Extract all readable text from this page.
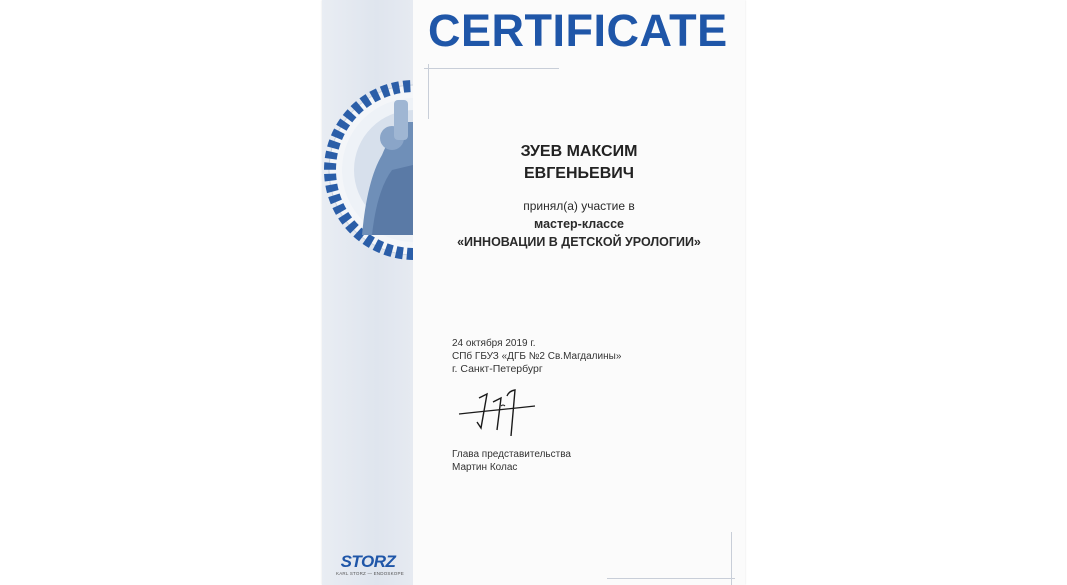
STORZ
KARL STORZ — ENDOSKOPE
CERTIFICATE
ЗУЕВ МАКСИМ
ЕВГЕНЬЕВИЧ
принял(а) участие в
мастер-классе
«ИННОВАЦИИ В ДЕТСКОЙ УРОЛОГИИ»
24 октября 2019 г.
СПб ГБУЗ «ДГБ №2 Св.Магдалины»
г. Санкт-Петербург
Глава представительства
Мартин Колас
